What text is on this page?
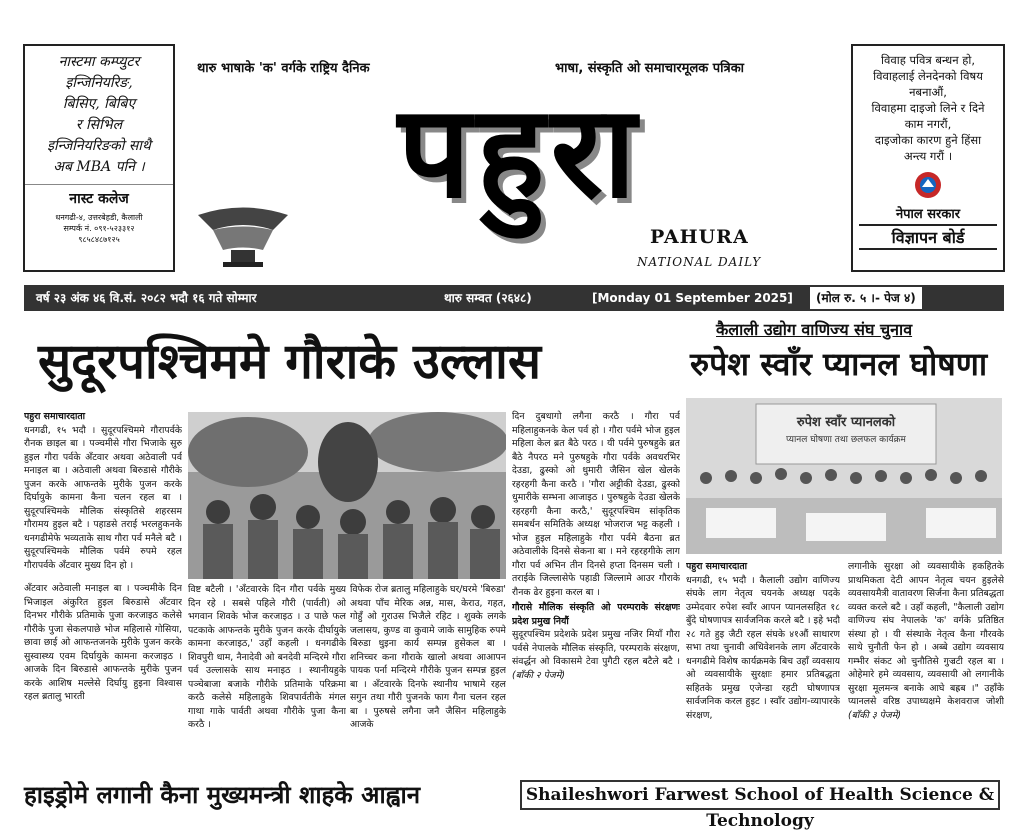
नास्टमा कम्प्युटर
इन्जिनियरिङ,
बिसिए, बिबिए
र सिभिल
इन्जिनियरिङको साथै
अब MBA पनि ।
नास्ट कलेज
धनगढी-४, उत्तरबेहडी, कैलाली
सम्पर्क नं. ०९१-५२३३१२
९८५८४८७१२५
थारु भाषाके 'क' वर्गके राष्ट्रिय दैनिक	भाषा, संस्कृति ओ समाचारमूलक पत्रिका
पहुरा
PAHURA
NATIONAL DAILY
विवाह पवित्र बन्धन हो,
विवाहलाई लेनदेनको विषय
नबनाऔं,
विवाहमा दाइजो लिने र दिने
काम नगरौं,
दाइजोका कारण हुने हिंसा
अन्त्य गरौं ।
नेपाल सरकार
विज्ञापन बोर्ड
वर्ष २३ अंक ४६ वि.सं. २०८२ भदौ १६ गते सोम्मार	थारु सम्वत (२६४८)	[Monday 01 September 2025]	(मोल रु. ५ ।- पेज ४)
सुदूरपश्चिममे गौराके उल्लास
कैलाली उद्योग वाणिज्य संघ चुनाव
रुपेश स्वाँर प्यानल घोषणा
पहुरा समाचारदाता
धनगढी, १५ भदौ । सुदूरपश्चिममे गौरापर्वके रौनक छाइल बा । पञ्चमीसे गौरा भिजाके सुरु हुइल गौरा पर्वके अँटवार अथवा अठेवाली पर्व मनाइल बा । अठेवाली अथवा बिरुडासे गौरीके पुजन करके आफन्तके मुरीके पुजन करके दिर्घायुके कामना कैना चलन रहल बा । सुदूरपश्चिमके मौलिक संस्कृतिसे शहरसम गौरामय हुइल बटै । पहाडसे तराई भरलहुकनके धनगढीमेफे भव्यताके साथ गौरा पर्व मनैले बटै । सुदूरपश्चिमके मौलिक पर्वमे रुपमे रहल गौरापर्वके अँटवार मुख्य दिन हो ।
अँटवार अठेवाली मनाइल बा । पञ्चमीके दिन भिजाइल अंकुरित हुइल बिरुडासे अँटवार दिनभर गौरीके प्रतिमाके पुजा करजाइठ कलेसे गौरीके पुजा सेकलपाछे भोज महिलासे गोसिया, छावा छाई ओ आफन्तजनके मुरीके पुजन करके सुस्वास्थ्य एवम दिर्घायुके कामना करजाइठ । आजके दिन बिरुडासे आफन्तके मुरीके पुजन करके आशिष मल्लेसे दिर्घायु हुइना विश्वास रहल ब्रतालु भारती
विष्ट बटैली । 'अँटवारके दिन गौरा पर्वके मुख्य दिन रहे । सबसे पहिले गौरी (पार्वती) ओ भगवान शिवके भोज करजाइठ । उ पाछे फल पटकाके आफन्तके मुरीके पुजन करके दीर्घायुके कामना करजाइठ,' उहाँ कहली । धनगढीके शिवपुरी धाम, नैनादेवी ओ बनदेवी मन्दिरमे गौरा पर्व उल्लासके साथ मनाइठ । स्थानीयहुके पञ्चेबाजा बजाके गौरीके प्रतिमाके परिक्रमा करठै कलेसे महिलाहुके शिवपार्वतीके मंगल गाथा गाके पार्वती अथवा गौरीके पुजा कैना करठै ।
विफेक रोज ब्रतालु महिलाहुके घर/घरमे 'बिरुडा' अथवा पाँच मेरिक अन्न, मास, केराउ, गहत, गोहुँ ओ गुराउस भिजैले रहिट । शुक्के लगके जलासय, कुण्ड वा कुवामे जाके सामुहिक रुपमे बिरुडा धुइना कार्य सम्पन्न हुसेकल बा । शनिच्चर कना गौराके खालो अथवा आआपन पायक पर्ना मन्दिरमे गौरीके पुजन सम्पन्न हुइल बा । अँटवारके दिनफे स्थानीय भाषामे रहल सगुन तथा गौरी पुजनके फाग गैना चलन रहल बा । पुरुषसे लगैना जनै जैसिन महिलाहुके आजके
दिन दुबधागो लगैना करठै । गौरा पर्व महिलाहुकनके केल पर्व हो । गौरा पर्वमे भोज हुइल महिला केल ब्रत बैठे परठ । यी पर्वमे पुरुषहुके ब्रत बैठे नैपरठ मने पुरुषहुके गौरा पर्वके अवधरभिर देउडा, ढुस्को ओ धुमारी जैसिन खेल खेलके रहरहगी कैना करठै । 'गौरा अट्टीकी देउडा, ढुस्को धुमारीके सम्भना आजाइठ । पुरुषहुके देउडा खेलके रहरहगी कैना करठै,' सुदूरपश्चिम सांकृतिक समबर्धन समितिके अध्यक्ष भोजराज भट्ट कहली । भोज हुइल महिलाहुके गौरा पर्वमे बैठना ब्रत अठेवालीके दिनसे सेकना बा । मने रहरहगीके लाग गौरा पर्व अभिन तीन दिनसे हप्ता दिनसम चली । तराईके जिल्लासेफे पहाडी जिल्लामे आउर गौराके रौनक ढेर हुइना करल बा ।
गौरासे मौलिक संस्कृति ओ परम्पराके संरक्षणः प्रदेश प्रमुख नियौं
सुदूरपश्चिम प्रदेशके प्रदेश प्रमुख नजिर मियाँ गौरा पर्वसे नेपालके मौलिक संस्कृति, परम्पराके संरक्षण, संवर्द्धन ओ विकासमे टेवा पुगैटी रहल बटैले बटै । (बाँकी २ पेजमे)
रुपेश स्वाँर प्यानलको
प्यानल घोषणा तथा छलफल कार्यक्रम
पहुरा समाचारदाता
धनगढी, १५ भदौ । कैलाली उद्योग वाणिज्य संघके लाग नेतृत्व चयनके अध्यक्ष पदके उम्मेदवार रुपेश स्वाँर आपन प्यानलसहित १८ बुँदे घोषणापत्र सार्वजनिक करले बटै । इहे भदौ २८ गते हुइ जैटी रहल संघके ४१औं साधारण सभा तथा चुनावी अधिवेशनके लाग अँटवारके धनगढीमे विशेष कार्यक्रमके बिच उहाँ व्यवसाय ओ व्यवसायीके सुरक्षाः हमार प्रतिबद्धता सहितके प्रमुख एजेन्डा रहटी घोषणापत्र सार्वजनिक करल हुइट । स्वाँर उद्योग-व्यापारके संरक्षण,
लगानीके सुरक्षा ओ व्यवसायीके हकहितके प्राथमिकता देटी आपन नेतृत्व चयन हुइलेसे व्यवसायमैत्री वातावरण सिर्जना कैना प्रतिबद्धता व्यक्त करले बटै । उहाँ कहली, "कैलाली उद्योग वाणिज्य संघ नेपालके 'क' वर्गके प्रतिष्ठित संस्था हो । यी संस्थाके नेतृत्व कैना गौरवके साथे चुनौती फेन हो । अब्बे उद्योग व्यवसाय गम्भीर संकट ओ चुनौतिसे गुज्रटी रहल बा । ओहेमारे हमे व्यवसाय, व्यवसायी ओ लगानीके सुरक्षा मूलमन्त्र बनाके आघे बह्रब ।" उहाँके प्यानलसे वरिष्ठ उपाध्यक्षमे केशवराज जोशी (बाँकी ३ पेजमे)
हाइड्रोमे लगानी कैना मुख्यमन्त्री शाहके आह्वान	Shaileshwori Farwest School of Health Science & Technology
